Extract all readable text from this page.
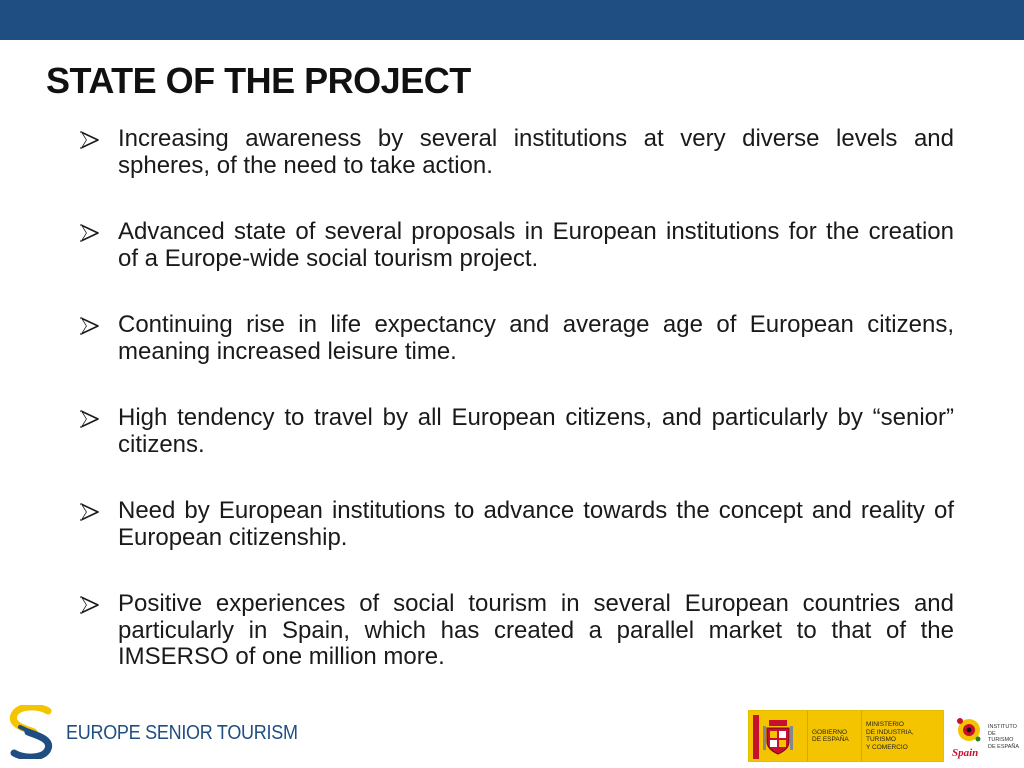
STATE OF THE PROJECT
Increasing awareness by several institutions at very diverse levels and spheres, of the need to take action.
Advanced state of several proposals in European institutions for the creation of a Europe-wide social tourism project.
Continuing rise in life expectancy and average age of European citizens, meaning increased leisure time.
High tendency to travel by all European citizens, and particularly by “senior” citizens.
Need by European institutions to advance towards the concept and reality of European citizenship.
Positive experiences of social tourism in several European countries and particularly in Spain, which has created a parallel market to that of the IMSERSO of one million more.
EUROPE SENIOR TOURISM	GOBIERNO
DE ESPAÑA
MINISTERIO
DE INDUSTRIA, TURISMO
Y COMERCIO	Spain
INSTITUTO
DE TURISMO
DE ESPAÑA
